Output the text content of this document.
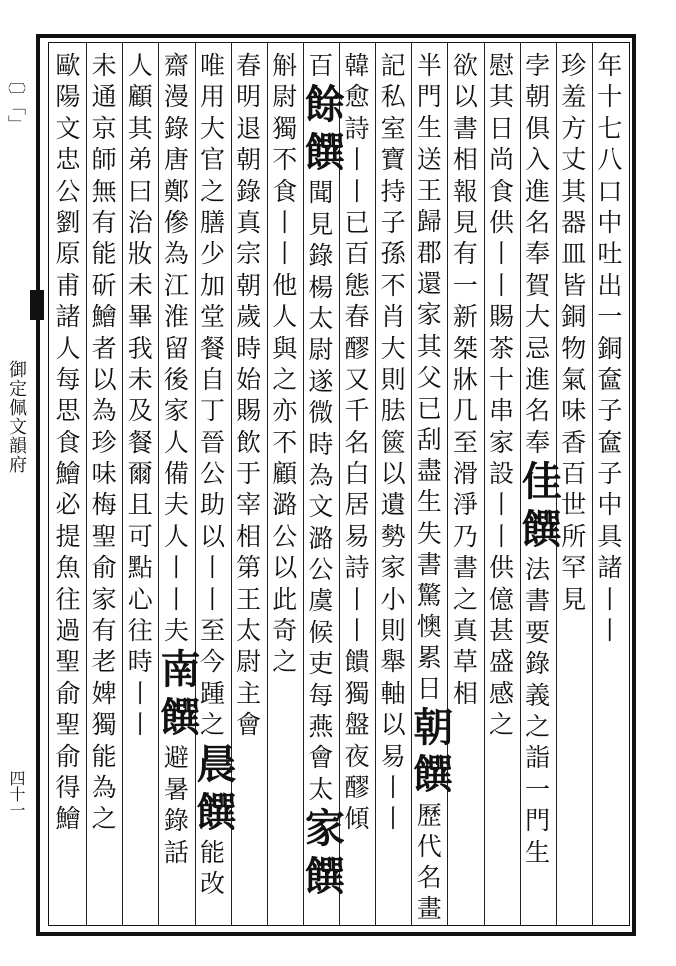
〔〕「」
御定佩文韻府
四十一
年
十
七
八
口
中
吐
出
一
銅
奩
子
奩
子
中
具
諸
丨
丨
珍
羞
方
丈
其
器
皿
皆
銅
物
氣
味
香
百
世
所
罕
見
孛
朝
俱
入
進
名
奉
賀
大
忌
進
名
奉
佳
饌
法
書
要
錄
義
之
詣
一
門
生
慰
其
日
尚
食
供
丨
丨
賜
茶
十
串
家
設
丨
丨
供
億
甚
盛
感
之
欲
以
書
相
報
見
有
一
新
桀
牀
几
至
滑
淨
乃
書
之
真
草
相
半
門
生
送
王
歸
郡
還
家
其
父
已
刮
盡
生
失
書
驚
懊
累
日
朝
饌
歷
代
名
畫
記
私
室
寶
持
子
孫
不
肖
大
則
胠
篋
以
遺
勢
家
小
則
舉
軸
以
易
丨
丨
韓
愈
詩
丨
丨
已
百
態
春
醪
又
千
名
白
居
易
詩
丨
丨
饋
獨
盤
夜
醪
傾
百
餘
饌
聞
見
錄
楊
太
尉
遂
微
時
為
文
潞
公
虞
候
吏
每
燕
會
太
家
饌
斛
尉
獨
不
食
丨
丨
他
人
與
之
亦
不
顧
潞
公
以
此
奇
之
春
明
退
朝
錄
真
宗
朝
歲
時
始
賜
飲
于
宰
相
第
王
太
尉
主
會
唯
用
大
官
之
膳
少
加
堂
餐
自
丁
晉
公
助
以
丨
丨
至
今
踵
之
晨
饌
能
改
齋
漫
錄
唐
鄭
傪
為
江
淮
留
後
家
人
備
夫
人
丨
丨
夫
南
饌
避
暑
錄
話
人
顧
其
弟
曰
治
妝
未
畢
我
未
及
餐
爾
且
可
點
心
往
時
丨
丨
未
通
京
師
無
有
能
斫
鱠
者
以
為
珍
味
梅
聖
俞
家
有
老
婢
獨
能
為
之
歐
陽
文
忠
公
劉
原
甫
諸
人
每
思
食
鱠
必
提
魚
往
過
聖
俞
聖
俞
得
鱠
